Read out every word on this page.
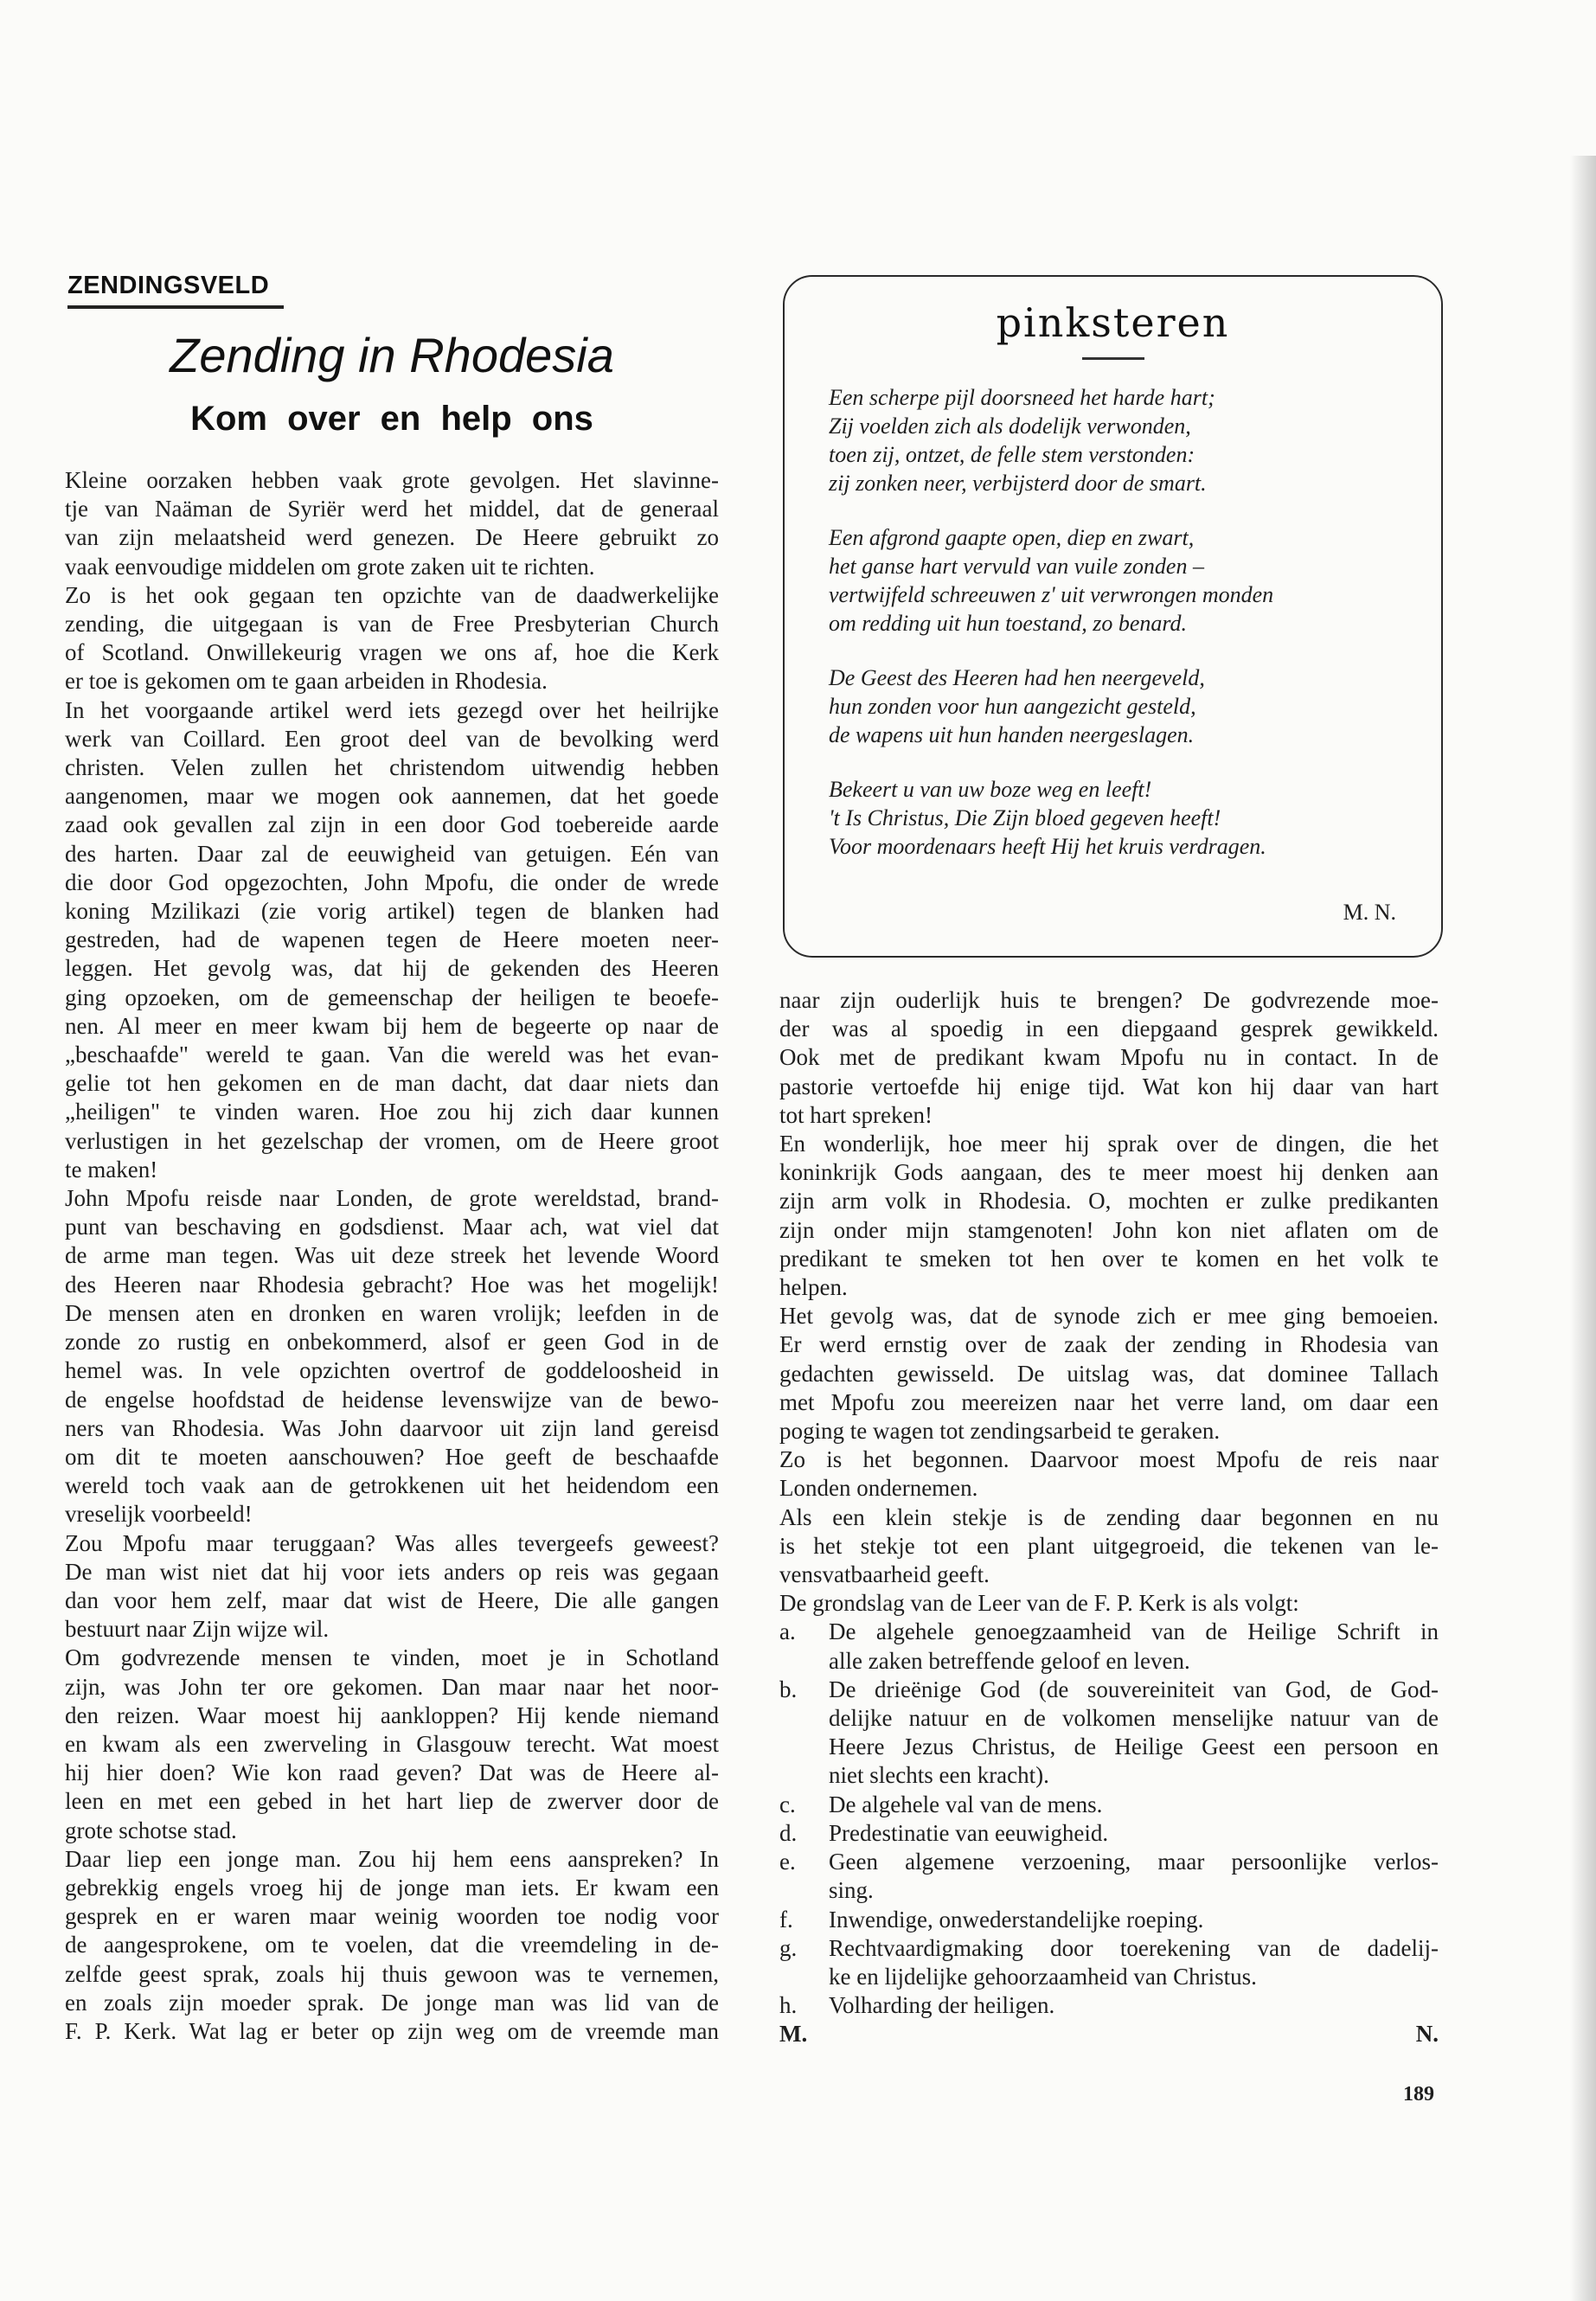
ZENDINGSVELD
Zending in Rhodesia
Kom over en help ons
Kleine oorzaken hebben vaak grote gevolgen. Het slavinne-
tje van Naäman de Syriër werd het middel, dat de generaal
van zijn melaatsheid werd genezen. De Heere gebruikt zo
vaak eenvoudige middelen om grote zaken uit te richten.
Zo is het ook gegaan ten opzichte van de daadwerkelijke
zending, die uitgegaan is van de Free Presbyterian Church
of Scotland. Onwillekeurig vragen we ons af, hoe die Kerk
er toe is gekomen om te gaan arbeiden in Rhodesia.
In het voorgaande artikel werd iets gezegd over het heilrijke
werk van Coillard. Een groot deel van de bevolking werd
christen. Velen zullen het christendom uitwendig hebben
aangenomen, maar we mogen ook aannemen, dat het goede
zaad ook gevallen zal zijn in een door God toebereide aarde
des harten. Daar zal de eeuwigheid van getuigen. Eén van
die door God opgezochten, John Mpofu, die onder de wrede
koning Mzilikazi (zie vorig artikel) tegen de blanken had
gestreden, had de wapenen tegen de Heere moeten neer-
leggen. Het gevolg was, dat hij de gekenden des Heeren
ging opzoeken, om de gemeenschap der heiligen te beoefe-
nen. Al meer en meer kwam bij hem de begeerte op naar de
„beschaafde" wereld te gaan. Van die wereld was het evan-
gelie tot hen gekomen en de man dacht, dat daar niets dan
„heiligen" te vinden waren. Hoe zou hij zich daar kunnen
verlustigen in het gezelschap der vromen, om de Heere groot
te maken!
John Mpofu reisde naar Londen, de grote wereldstad, brand-
punt van beschaving en godsdienst. Maar ach, wat viel dat
de arme man tegen. Was uit deze streek het levende Woord
des Heeren naar Rhodesia gebracht? Hoe was het mogelijk!
De mensen aten en dronken en waren vrolijk; leefden in de
zonde zo rustig en onbekommerd, alsof er geen God in de
hemel was. In vele opzichten overtrof de goddeloosheid in
de engelse hoofdstad de heidense levenswijze van de bewo-
ners van Rhodesia. Was John daarvoor uit zijn land gereisd
om dit te moeten aanschouwen? Hoe geeft de beschaafde
wereld toch vaak aan de getrokkenen uit het heidendom een
vreselijk voorbeeld!
Zou Mpofu maar teruggaan? Was alles tevergeefs geweest?
De man wist niet dat hij voor iets anders op reis was gegaan
dan voor hem zelf, maar dat wist de Heere, Die alle gangen
bestuurt naar Zijn wijze wil.
Om godvrezende mensen te vinden, moet je in Schotland
zijn, was John ter ore gekomen. Dan maar naar het noor-
den reizen. Waar moest hij aankloppen? Hij kende niemand
en kwam als een zwerveling in Glasgouw terecht. Wat moest
hij hier doen? Wie kon raad geven? Dat was de Heere al-
leen en met een gebed in het hart liep de zwerver door de
grote schotse stad.
Daar liep een jonge man. Zou hij hem eens aanspreken? In
gebrekkig engels vroeg hij de jonge man iets. Er kwam een
gesprek en er waren maar weinig woorden toe nodig voor
de aangesprokene, om te voelen, dat die vreemdeling in de-
zelfde geest sprak, zoals hij thuis gewoon was te vernemen,
en zoals zijn moeder sprak. De jonge man was lid van de
F. P. Kerk. Wat lag er beter op zijn weg om de vreemde man
pinksteren
Een scherpe pijl doorsneed het harde hart;
Zij voelden zich als dodelijk verwonden,
toen zij, ontzet, de felle stem verstonden:
zij zonken neer, verbijsterd door de smart.
Een afgrond gaapte open, diep en zwart,
het ganse hart vervuld van vuile zonden –
vertwijfeld schreeuwen z' uit verwrongen monden
om redding uit hun toestand, zo benard.
De Geest des Heeren had hen neergeveld,
hun zonden voor hun aangezicht gesteld,
de wapens uit hun handen neergeslagen.
Bekeert u van uw boze weg en leeft!
't Is Christus, Die Zijn bloed gegeven heeft!
Voor moordenaars heeft Hij het kruis verdragen.
M. N.
naar zijn ouderlijk huis te brengen? De godvrezende moe-
der was al spoedig in een diepgaand gesprek gewikkeld.
Ook met de predikant kwam Mpofu nu in contact. In de
pastorie vertoefde hij enige tijd. Wat kon hij daar van hart
tot hart spreken!
En wonderlijk, hoe meer hij sprak over de dingen, die het
koninkrijk Gods aangaan, des te meer moest hij denken aan
zijn arm volk in Rhodesia. O, mochten er zulke predikanten
zijn onder mijn stamgenoten! John kon niet aflaten om de
predikant te smeken tot hen over te komen en het volk te
helpen.
Het gevolg was, dat de synode zich er mee ging bemoeien.
Er werd ernstig over de zaak der zending in Rhodesia van
gedachten gewisseld. De uitslag was, dat dominee Tallach
met Mpofu zou meereizen naar het verre land, om daar een
poging te wagen tot zendingsarbeid te geraken.
Zo is het begonnen. Daarvoor moest Mpofu de reis naar
Londen ondernemen.
Als een klein stekje is de zending daar begonnen en nu
is het stekje tot een plant uitgegroeid, die tekenen van le-
vensvatbaarheid geeft.
De grondslag van de Leer van de F. P. Kerk is als volgt:
a. De algehele genoegzaamheid van de Heilige Schrift in
alle zaken betreffende geloof en leven.
b. De drieënige God (de souvereiniteit van God, de God-
delijke natuur en de volkomen menselijke natuur van de
Heere Jezus Christus, de Heilige Geest een persoon en
niet slechts een kracht).
c. De algehele val van de mens.
d. Predestinatie van eeuwigheid.
e. Geen algemene verzoening, maar persoonlijke verlos-
sing.
f. Inwendige, onwederstandelijke roeping.
g. Rechtvaardigmaking door toerekening van de dadelij-
ke en lijdelijke gehoorzaamheid van Christus.
h. Volharding der heiligen.
M.	N.
189
